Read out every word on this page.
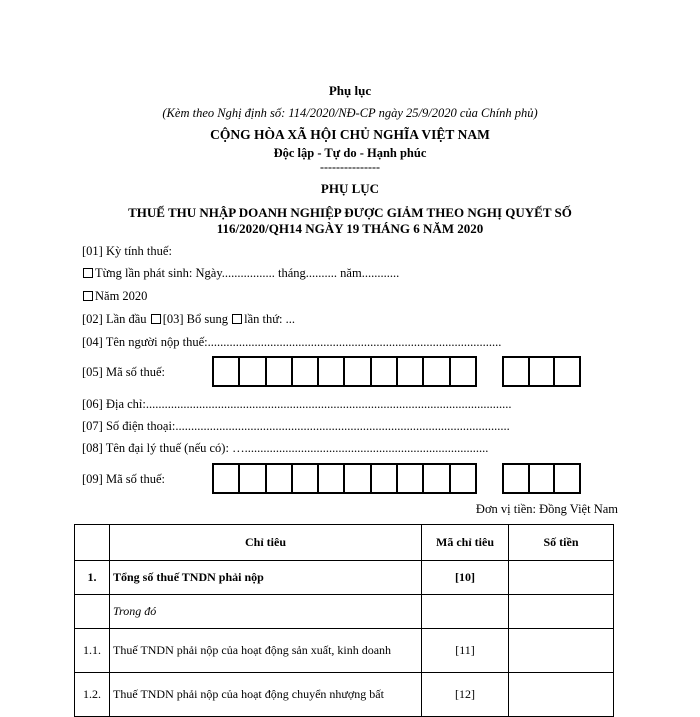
Phụ lục
(Kèm theo Nghị định số: 114/2020/NĐ-CP ngày 25/9/2020 của Chính phủ)
CỘNG HÒA XÃ HỘI CHỦ NGHĨA VIỆT NAM
Độc lập - Tự do - Hạnh phúc
---------------
PHỤ LỤC
THUẾ THU NHẬP DOANH NGHIỆP ĐƯỢC GIẢM THEO NGHỊ QUYẾT SỐ
116/2020/QH14 NGÀY 19 THÁNG 6 NĂM 2020
[01] Kỳ tính thuế:
Từng lần phát sinh: Ngày................. tháng.......... năm............
Năm 2020
[02] Lần đầu [03] Bổ sung lần thứ: ...
[04] Tên người nộp thuế:..............................................................................................
[05] Mã số thuế:
[06] Địa chỉ:.....................................................................................................................
[07] Số điện thoại:...........................................................................................................
[08] Tên đại lý thuế (nếu có): …..............................................................................
[09] Mã số thuế:
Đơn vị tiền: Đồng Việt Nam
	Chỉ tiêu	Mã chỉ tiêu	Số tiền
1.	Tổng số thuế TNDN phải nộp	[10]	
	Trong đó		
1.1.	Thuế TNDN phải nộp của hoạt động sản xuất, kinh doanh	[11]	
1.2.	Thuế TNDN phải nộp của hoạt động chuyển nhượng bất	[12]	
